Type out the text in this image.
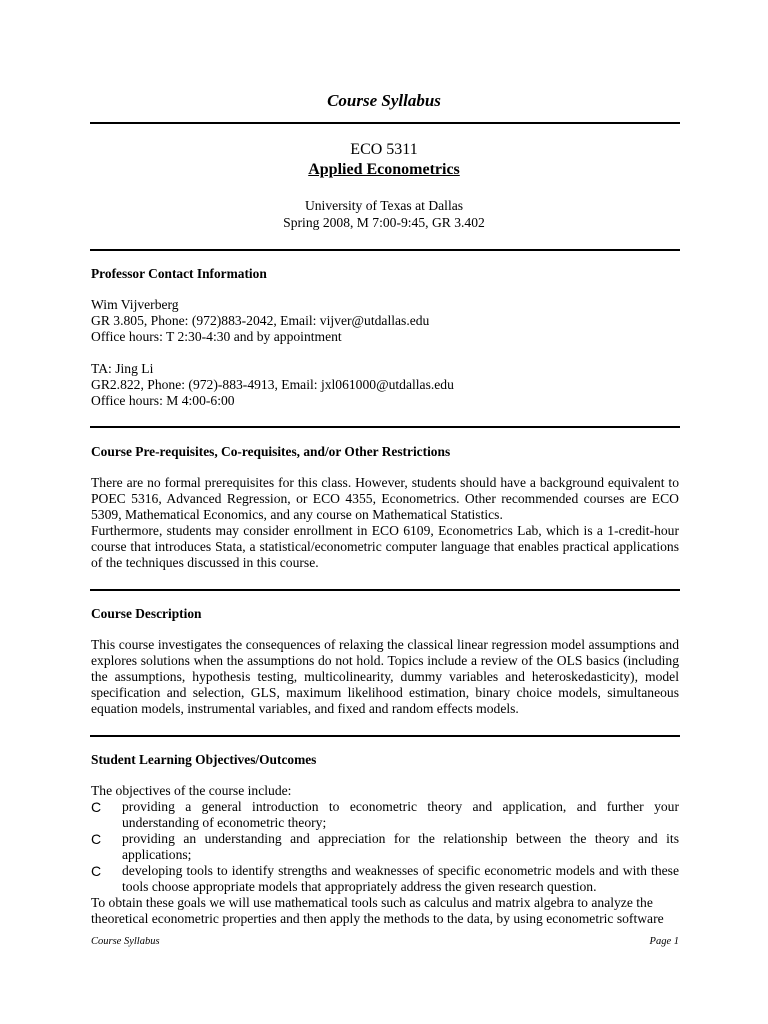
Course Syllabus
ECO 5311
Applied Econometrics
University of Texas at Dallas
Spring 2008, M 7:00-9:45, GR 3.402
Professor Contact Information
Wim Vijverberg
GR 3.805, Phone: (972)883-2042, Email: vijver@utdallas.edu
Office hours: T 2:30-4:30 and by appointment
TA: Jing Li
GR2.822, Phone: (972)-883-4913, Email: jxl061000@utdallas.edu
Office hours: M 4:00-6:00
Course Pre-requisites, Co-requisites, and/or Other Restrictions
There are no formal prerequisites for this class. However, students should have a background equivalent to POEC 5316, Advanced Regression, or ECO 4355, Econometrics. Other recommended courses are ECO 5309, Mathematical Economics, and any course on Mathematical Statistics.
Furthermore, students may consider enrollment in ECO 6109, Econometrics Lab, which is a 1-credit-hour course that introduces Stata, a statistical/econometric computer language that enables practical applications of the techniques discussed in this course.
Course Description
This course investigates the consequences of relaxing the classical linear regression model assumptions and explores solutions when the assumptions do not hold. Topics include a review of the OLS basics (including the assumptions, hypothesis testing, multicolinearity, dummy variables and heteroskedasticity), model specification and selection, GLS, maximum likelihood estimation, binary choice models, simultaneous equation models, instrumental variables, and fixed and random effects models.
Student Learning Objectives/Outcomes
The objectives of the course include:
C providing a general introduction to econometric theory and application, and further your understanding of econometric theory;
C providing an understanding and appreciation for the relationship between the theory and its applications;
C developing tools to identify strengths and weaknesses of specific econometric models and with these tools choose appropriate models that appropriately address the given research question.
To obtain these goals we will use mathematical tools such as calculus and matrix algebra to analyze the
theoretical econometric properties and then apply the methods to the data, by using econometric software
Course Syllabus	Page 1
